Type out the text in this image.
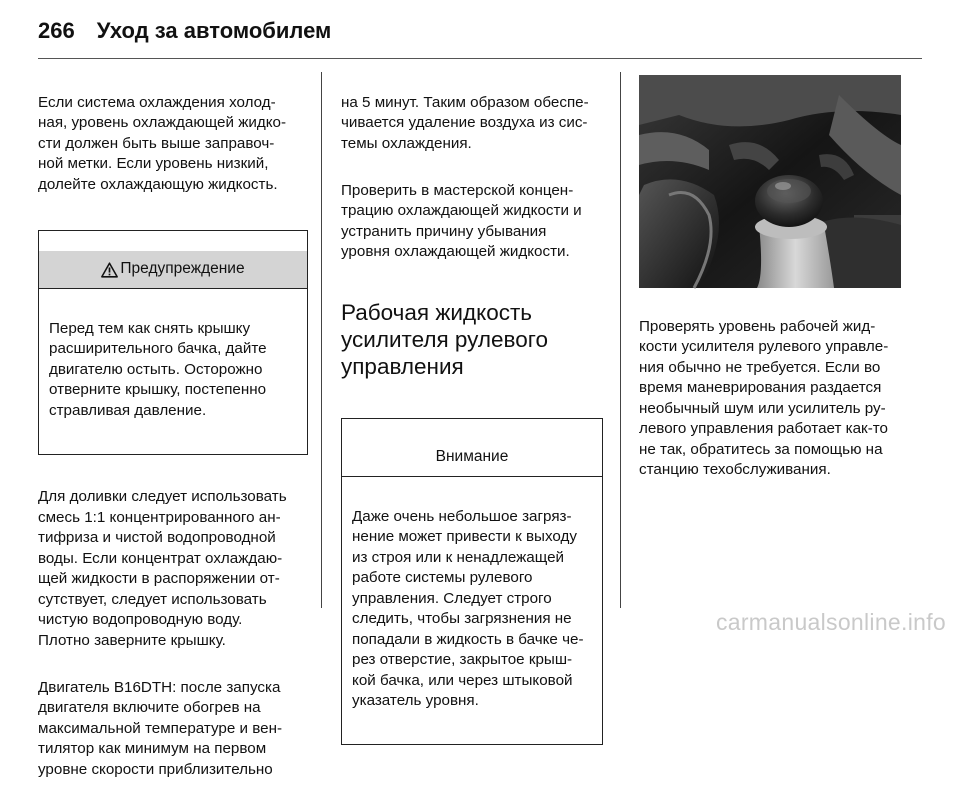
266 Уход за автомобилем

Если система охлаждения холод-
ная, уровень охлаждающей жидко-
сти должен быть выше заправоч-
ной метки. Если уровень низкий,
долейте охлаждающую жидкость.

Предупреждение

Перед тем как снять крышку
расширительного бачка, дайте
двигателю остыть. Осторожно
отверните крышку, постепенно
стравливая давление.

Для доливки следует использовать
смесь 1:1 концентрированного ан-
тифриза и чистой водопроводной
воды. Если концентрат охлаждаю-
щей жидкости в распоряжении от-
сутствует, следует использовать
чистую водопроводную воду.
Плотно заверните крышку.

Двигатель B16DTH: после запуска
двигателя включите обогрев на
максимальной температуре и вен-
тилятор как минимум на первом
уровне скорости приблизительно

на 5 минут. Таким образом обеспе-
чивается удаление воздуха из сис-
темы охлаждения.

Проверить в мастерской концен-
трацию охлаждающей жидкости и
устранить причину убывания
уровня охлаждающей жидкости.

Рабочая жидкость
усилителя рулевого
управления

Внимание

Даже очень небольшое загряз-
нение может привести к выходу
из строя или к ненадлежащей
работе системы рулевого
управления. Следует строго
следить, чтобы загрязнения не
попадали в жидкость в бачке че-
рез отверстие, закрытое крыш-
кой бачка, или через штыковой
указатель уровня.

Проверять уровень рабочей жид-
кости усилителя рулевого управле-
ния обычно не требуется. Если во
время маневрирования раздается
необычный шум или усилитель ру-
левого управления работает как-то
не так, обратитесь за помощью на
станцию техобслуживания.

carmanualsonline.info
